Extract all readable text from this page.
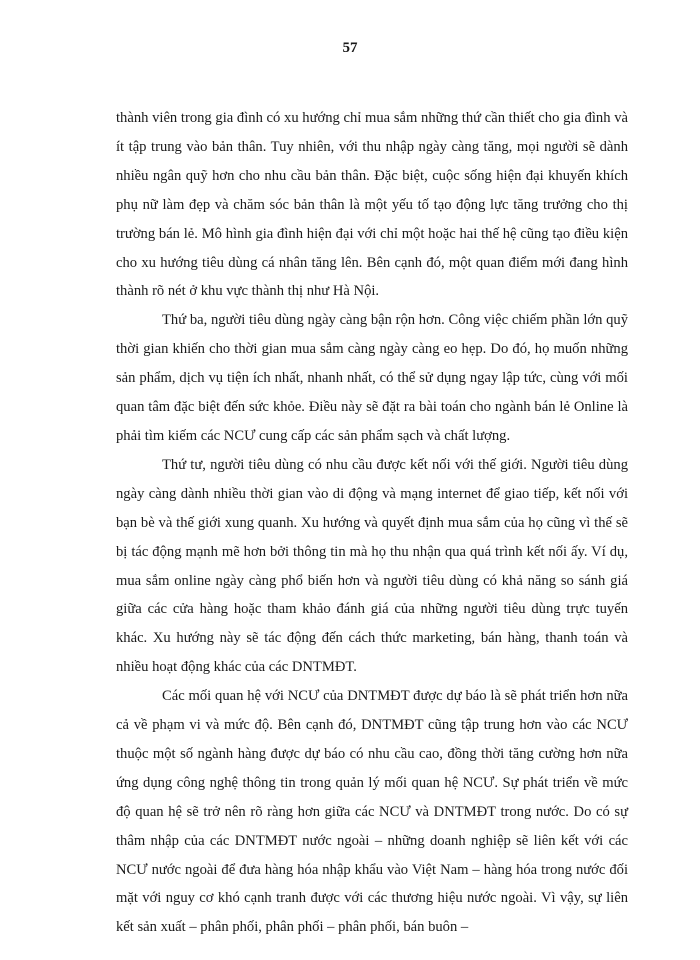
57

thành viên trong gia đình có xu hướng chỉ mua sắm những thứ cần thiết cho gia đình và ít tập trung vào bản thân. Tuy nhiên, với thu nhập ngày càng tăng, mọi người sẽ dành nhiều ngân quỹ hơn cho nhu cầu bản thân. Đặc biệt, cuộc sống hiện đại khuyến khích phụ nữ làm đẹp và chăm sóc bản thân là một yếu tố tạo động lực tăng trưởng cho thị trường bán lẻ. Mô hình gia đình hiện đại với chỉ một hoặc hai thế hệ cũng tạo điều kiện cho xu hướng tiêu dùng cá nhân tăng lên. Bên cạnh đó, một quan điểm mới đang hình thành rõ nét ở khu vực thành thị như Hà Nội.

Thứ ba, người tiêu dùng ngày càng bận rộn hơn. Công việc chiếm phần lớn quỹ thời gian khiến cho thời gian mua sắm càng ngày càng eo hẹp. Do đó, họ muốn những sản phẩm, dịch vụ tiện ích nhất, nhanh nhất, có thể sử dụng ngay lập tức, cùng với mối quan tâm đặc biệt đến sức khỏe. Điều này sẽ đặt ra bài toán cho ngành bán lẻ Online là phải tìm kiếm các NCƯ cung cấp các sản phẩm sạch và chất lượng.

Thứ tư, người tiêu dùng có nhu cầu được kết nối với thế giới. Người tiêu dùng ngày càng dành nhiều thời gian vào di động và mạng internet để giao tiếp, kết nối với bạn bè và thế giới xung quanh. Xu hướng và quyết định mua sắm của họ cũng vì thế sẽ bị tác động mạnh mẽ hơn bởi thông tin mà họ thu nhận qua quá trình kết nối ấy. Ví dụ, mua sắm online ngày càng phổ biến hơn và người tiêu dùng có khả năng so sánh giá giữa các cửa hàng hoặc tham khảo đánh giá của những người tiêu dùng trực tuyến khác. Xu hướng này sẽ tác động đến cách thức marketing, bán hàng, thanh toán và nhiều hoạt động khác của các DNTMĐT.

Các mối quan hệ với NCƯ của DNTMĐT được dự báo là sẽ phát triển hơn nữa cả về phạm vi và mức độ. Bên cạnh đó, DNTMĐT cũng tập trung hơn vào các NCƯ thuộc một số ngành hàng được dự báo có nhu cầu cao, đồng thời tăng cường hơn nữa ứng dụng công nghệ thông tin trong quản lý mối quan hệ NCƯ. Sự phát triển về mức độ quan hệ sẽ trở nên rõ ràng hơn giữa các NCƯ và DNTMĐT trong nước. Do có sự thâm nhập của các DNTMĐT nước ngoài – những doanh nghiệp sẽ liên kết với các NCƯ nước ngoài để đưa hàng hóa nhập khẩu vào Việt Nam – hàng hóa trong nước đối mặt với nguy cơ khó cạnh tranh được với các thương hiệu nước ngoài. Vì vậy, sự liên kết sản xuất – phân phối, phân phối – phân phối, bán buôn –
